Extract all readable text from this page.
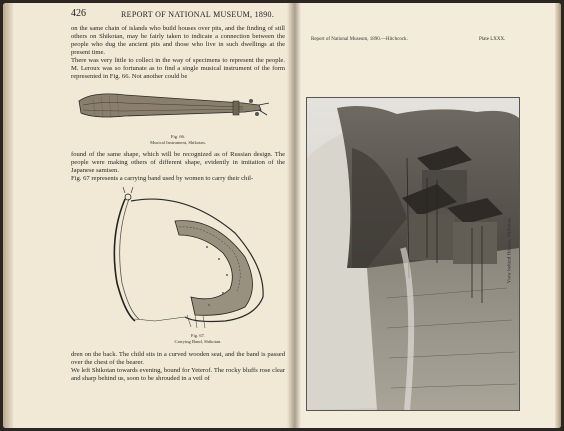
426	REPORT OF NATIONAL MUSEUM, 1890.
on the same chain of islands who build houses over pits, and the finding of still others on Shikotan, may be fairly taken to indicate a connection between the people who dug the ancient pits and those who live in such dwellings at the present time.
There was very little to collect in the way of specimens to represent the people. M. Leroux was so fortunate as to find a single musical instrument of the form represented in Fig. 66. Not another could be
Fig. 66.
Musical Instrument, Shikotan.
found of the same shape, which will be recognized as of Russian design. The people were making others of different shape, evidently in imitation of the Japanese samisen.
Fig. 67 represents a carrying band used by women to carry their chil-
Fig. 67.
Carrying Band, Shikotan.
dren on the back. The child sits in a curved wooden seat, and the band is passed over the chest of the bearer.
We left Shikotan towards evening, bound for Yeterof. The rocky bluffs rose clear and sharp behind us, soon to be shrouded in a veil of
Report of National Museum, 1890.—Hitchcock.	Plate LXXX.
View behind Houses, Shikotan.
